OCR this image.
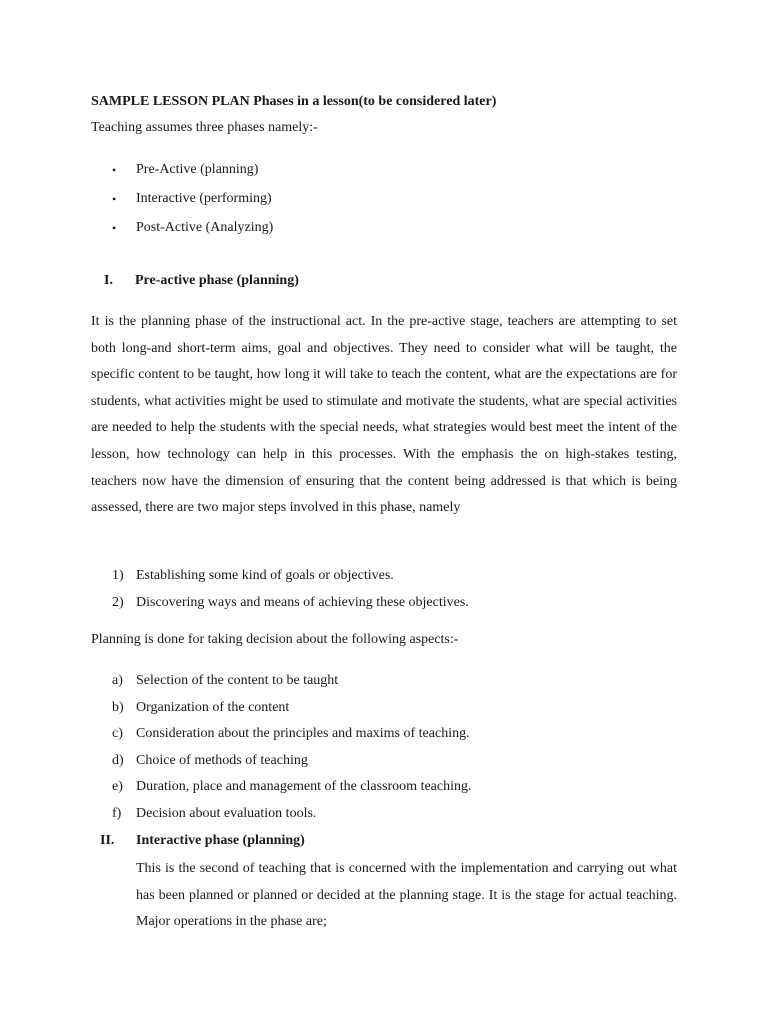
SAMPLE LESSON PLAN Phases in a lesson(to be considered later)
Teaching assumes three phases namely:-
• Pre-Active (planning)
• Interactive (performing)
• Post-Active (Analyzing)
I. Pre-active phase (planning)

It is the planning phase of the instructional act. In the pre-active stage, teachers are attempting to set both long-and short-term aims, goal and objectives. They need to consider what will be taught, the specific content to be taught, how long it will take to teach the content, what are the expectations are for students, what activities might be used to stimulate and motivate the students, what are special activities are needed to help the students with the special needs, what strategies would best meet the intent of the lesson, how technology can help in this processes. With the emphasis the on high-stakes testing, teachers now have the dimension of ensuring that the content being addressed is that which is being assessed, there are two major steps involved in this phase, namely

1) Establishing some kind of goals or objectives.
2) Discovering ways and means of achieving these objectives.
Planning is done for taking decision about the following aspects:-
a) Selection of the content to be taught
b) Organization of the content
c) Consideration about the principles and maxims of teaching.
d) Choice of methods of teaching
e) Duration, place and management of the classroom teaching.
f) Decision about evaluation tools.
II. Interactive phase (planning)

This is the second of teaching that is concerned with the implementation and carrying out what has been planned or planned or decided at the planning stage. It is the stage for actual teaching. Major operations in the phase are;
